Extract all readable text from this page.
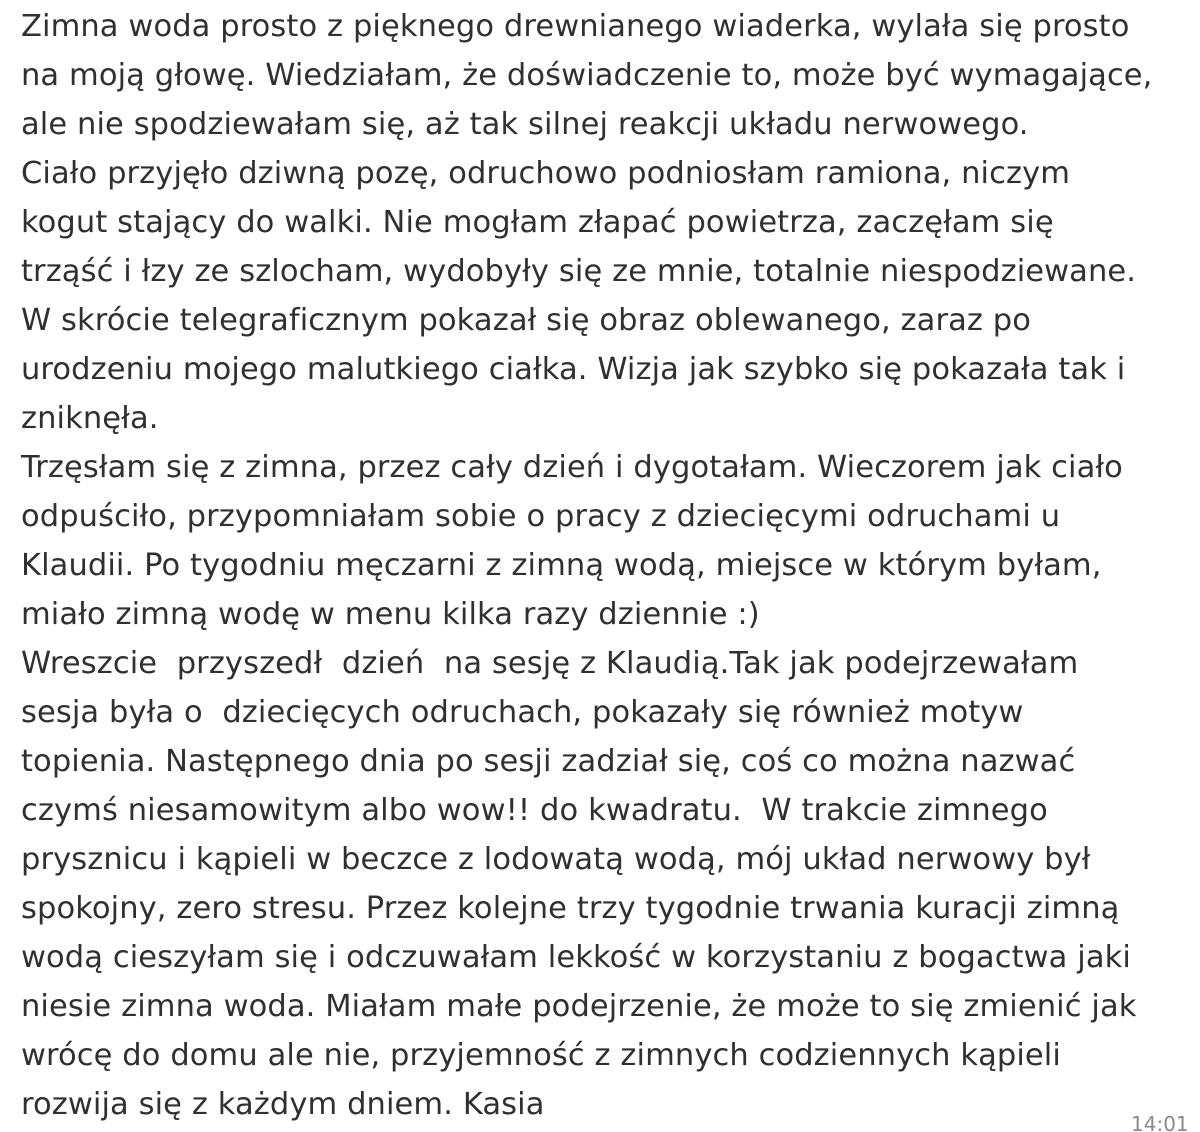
Zimna woda prosto z pięknego drewnianego wiaderka, wylała się prosto
na moją głowę. Wiedziałam, że doświadczenie to, może być wymagające,
ale nie spodziewałam się, aż tak silnej reakcji układu nerwowego.
Ciało przyjęło dziwną pozę, odruchowo podniosłam ramiona, niczym
kogut stający do walki. Nie mogłam złapać powietrza, zaczęłam się
trząść i łzy ze szlocham, wydobyły się ze mnie, totalnie niespodziewane.
W skrócie telegraficznym pokazał się obraz oblewanego, zaraz po
urodzeniu mojego malutkiego ciałka. Wizja jak szybko się pokazała tak i
zniknęła.
Trzęsłam się z zimna, przez cały dzień i dygotałam. Wieczorem jak ciało
odpuściło, przypomniałam sobie o pracy z dziecięcymi odruchami u
Klaudii. Po tygodniu męczarni z zimną wodą, miejsce w którym byłam,
miało zimną wodę w menu kilka razy dziennie :)
Wreszcie  przyszedł  dzień  na sesję z Klaudią.Tak jak podejrzewałam
sesja była o  dziecięcych odruchach, pokazały się również motyw
topienia. Następnego dnia po sesji zadział się, coś co można nazwać
czymś niesamowitym albo wow!! do kwadratu.  W trakcie zimnego
prysznicu i kąpieli w beczce z lodowatą wodą, mój układ nerwowy był
spokojny, zero stresu. Przez kolejne trzy tygodnie trwania kuracji zimną
wodą cieszyłam się i odczuwałam lekkość w korzystaniu z bogactwa jaki
niesie zimna woda. Miałam małe podejrzenie, że może to się zmienić jak
wrócę do domu ale nie, przyjemność z zimnych codziennych kąpieli
rozwija się z każdym dniem. Kasia
14:01
